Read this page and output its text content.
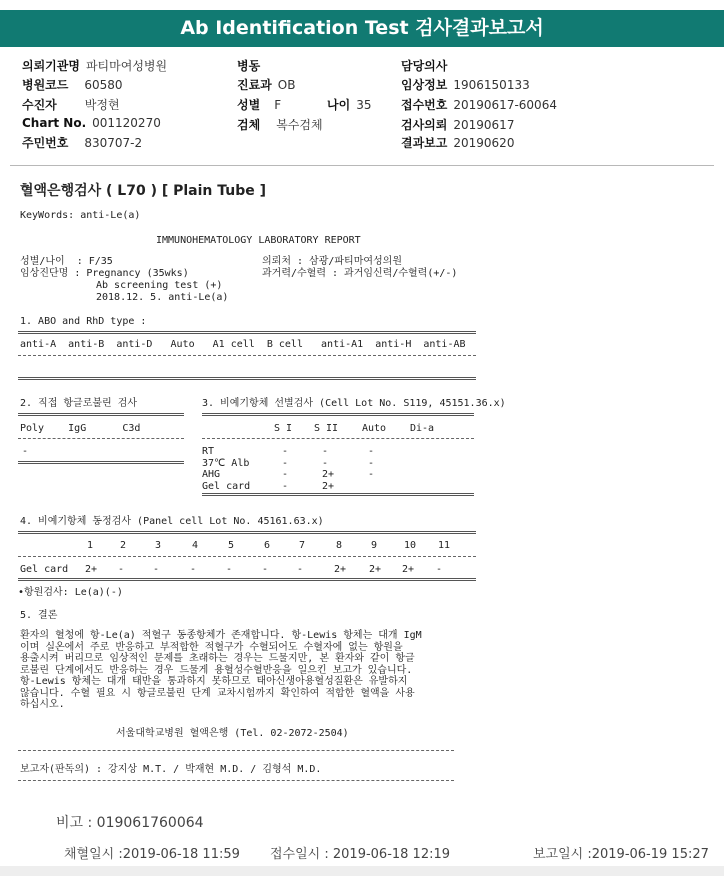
Ab Identification Test 검사결과보고서
의뢰기관명 파티마여성병원
병원코드 60580
수진자 박정현
Chart No. 001120270
주민번호 830707-2
병동
진료과 OB
성별 F	나이 35
검체 복수검체
담당의사
임상정보 1906150133
접수번호 20190617-60064
검사의뢰 20190617
결과보고 20190620
혈액은행검사 ( L70 ) [ Plain Tube ]
KeyWords: anti-Le(a)
IMMUNOHEMATOLOGY LABORATORY REPORT
성별/나이  : F/35
임상진단명 : Pregnancy (35wks)
Ab screening test (+)
2018.12. 5. anti-Le(a)
의뢰처 : 삼광/파티마여성의원
과거력/수혈력 : 과거임신력/수혈력(+/-)
1. ABO and RhD type :
anti-A  anti-B  anti-D   Auto   A1 cell  B cell   anti-A1  anti-H  anti-AB
2. 직접 항글로불린 검사
Poly    IgG      C3d
-
3. 비예기항체 선별검사 (Cell Lot No. S119, 45151.36.x)
S I S II Auto Di-a
RT	-	-	-
37℃ Alb	-	-	-
AHG	-	2+	-
Gel card	-	2+
4. 비예기항체 동정검사 (Panel cell Lot No. 45161.63.x)
1	2	3	4	5	6	7	8	9	10 11
Gel card 2+ -	-	-	-	-	-	2+ 2+ 2+ -
•항원검사: Le(a)(-)
5. 결론
환자의 혈청에 항-Le(a) 적혈구 동종항체가 존재합니다. 항-Lewis 항체는 대개 IgM
이며 실온에서 주로 반응하고 부적합한 적혈구가 수혈되어도 수혈자에 없는 항원을
용출시켜 버리므로 임상적인 문제를 초래하는 경우는 드물지만, 본 환자와 같이 항글
로불린 단계에서도 반응하는 경우 드물게 용혈성수혈반응을 일으킨 보고가 있습니다.
항-Lewis 항체는 대개 태반을 통과하지 못하므로 태아신생아용혈성질환은 유발하지
않습니다. 수혈 필요 시 항글로불린 단계 교차시험까지 확인하여 적합한 혈액을 사용
하십시오.
서울대학교병원 혈액은행 (Tel. 02-2072-2504)
보고자(판독의) : 강지상 M.T. / 박재현 M.D. / 김형석 M.D.
비고 : 019061760064
채혈일시 :2019-06-18 11:59 접수일시 : 2019-06-18 12:19	보고일시 :2019-06-19 15:27
